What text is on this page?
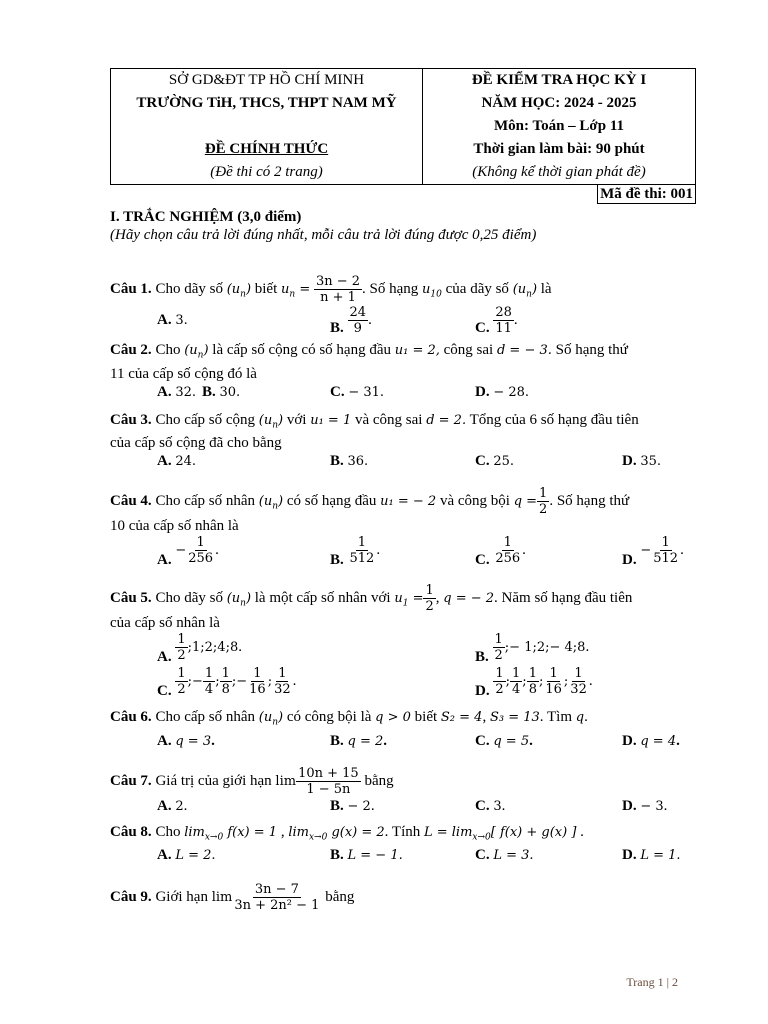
SỞ GD&ĐT TP HỒ CHÍ MINH
TRƯỜNG TiH, THCS, THPT NAM MỸ
ĐỀ CHÍNH THỨC
(Đề thi có 2 trang)

ĐỀ KIỂM TRA HỌC KỲ I
NĂM HỌC: 2024 - 2025
Môn: Toán – Lớp 11
Thời gian làm bài: 90 phút
(Không kể thời gian phát đề)
Mã đề thi: 001
I. TRẮC NGHIỆM (3,0 điểm)
(Hãy chọn câu trả lời đúng nhất, mỗi câu trả lời đúng được 0,25 điểm)
Câu 1. Cho dãy số $(u_n)$ biết $u_n = \frac{3n - 2}{n + 1}$ . Số hạng $u_{10}$ của dãy số $(u_n)$ là
A. 3.	B. $\frac{24}{9}$ .	C. $\frac{28}{11}$ .
Câu 2. Cho $(u_n)$ là cấp số cộng có số hạng đầu u₁ = 2, công sai d = − 3. Số hạng thứ
11 của cấp số cộng đó là
A. 32. B. 30.	C. − 31.	D. − 28.
Câu 3. Cho cấp số cộng $(u_n)$ với u₁ = 1 và công sai d = 2. Tổng của 6 số hạng đầu tiên
của cấp số cộng đã cho bằng
A. 24.	B. 36.	C. 25.	D. 35.
Câu 4. Cho cấp số nhân $(u_n)$ có số hạng đầu u₁ = − 2 và công bội $q = \frac{1}{2}$ . Số hạng thứ
10 của cấp số nhân là
A. − $\frac{1}{256}$ .
B. $\frac{1}{512}$ .
C. $\frac{1}{256}$ .
D. − $\frac{1}{512}$ .
Câu 5. Cho dãy số $(u_n)$ là một cấp số nhân với $u_1 = \frac{1}{2}$ , q = − 2. Năm số hạng đầu tiên
của cấp số nhân là
A. $\frac{1}{2}$ ;1;2;4;8.
B. $\frac{1}{2}$ ;− 1;2;− 4;8.
C. $\frac{1}{2}$ ;− $\frac{1}{4}$ ; $\frac{1}{8}$ ;− $\frac{1}{16}$ ; $\frac{1}{32}$ .
D. $\frac{1}{2}$ ; $\frac{1}{4}$ ; $\frac{1}{8}$ ; $\frac{1}{16}$ ; $\frac{1}{32}$ .
Câu 6. Cho cấp số nhân $(u_n)$ có công bội là q > 0 biết S₂ = 4, S₃ = 13. Tìm q.
A. q = 3.	B. q = 2.	C. q = 5.	D. q = 4.
Câu 7. Giá trị của giới hạn $\lim \frac{10n + 15}{1 - 5n}$ bằng
A. 2.	B. − 2.	C. 3.	D. − 3.
Câu 8. Cho $\lim_{x\to 0} f(x) = 1$ , $\lim_{x\to 0} g(x) = 2$. Tính $L = \lim_{x\to 0}$[ f(x) + g(x) ] .
A. L = 2.	B. L = − 1.	C. L = 3.	D. L = 1.
Câu 9. Giới hạn $\lim \frac{3n - 7}{\text{3n + 2n² − 1}}$ bằng
Trang 1 | 2
